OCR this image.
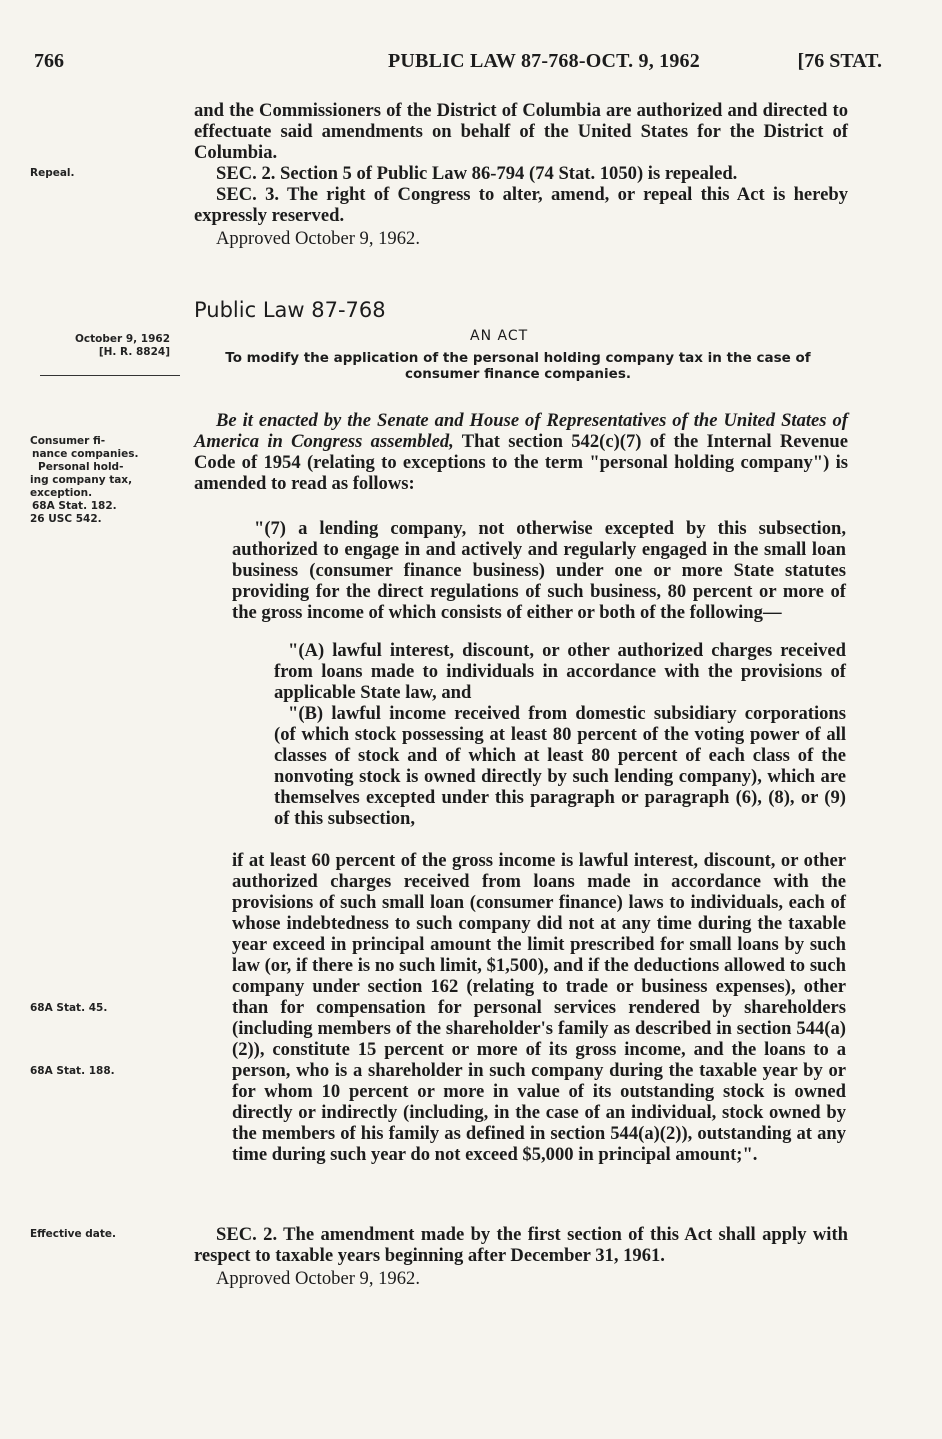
766	PUBLIC LAW 87-768-OCT. 9, 1962	[76 STAT.

and the Commissioners of the District of Columbia are authorized and directed to effectuate said amendments on behalf of the United States for the District of Columbia.

SEC. 2. Section 5 of Public Law 86-794 (74 Stat. 1050) is repealed.

SEC. 3. The right of Congress to alter, amend, or repeal this Act is hereby expressly reserved.

Approved October 9, 1962.

Repeal.
Public Law 87-768
AN ACT
October 9, 1962
[H. R. 8824]	To modify the application of the personal holding company tax in the case of consumer finance companies.

Be it enacted by the Senate and House of Representatives of the United States of America in Congress assembled, That section 542(c)(7) of the Internal Revenue Code of 1954 (relating to exceptions to the term "personal holding company") is amended to read as follows:

Consumer fi-
nance companies.
Personal hold-
ing company tax,
exception.
68A Stat. 182.
26 USC 542.	"(7) a lending company, not otherwise excepted by this subsection, authorized to engage in and actively and regularly engaged in the small loan business (consumer finance business) under one or more State statutes providing for the direct regulations of such business, 80 percent or more of the gross income of which consists of either or both of the following—

"(A) lawful interest, discount, or other authorized charges received from loans made to individuals in accordance with the provisions of applicable State law, and

"(B) lawful income received from domestic subsidiary corporations (of which stock possessing at least 80 percent of the voting power of all classes of stock and of which at least 80 percent of each class of the nonvoting stock is owned directly by such lending company), which are themselves excepted under this paragraph or paragraph (6), (8), or (9) of this subsection,

if at least 60 percent of the gross income is lawful interest, discount, or other authorized charges received from loans made in accordance with the provisions of such small loan (consumer finance) laws to individuals, each of whose indebtedness to such company did not at any time during the taxable year exceed in principal amount the limit prescribed for small loans by such law (or, if there is no such limit, $1,500), and if the deductions allowed to such company under section 162 (relating to trade or business expenses), other than for compensation for personal services rendered by shareholders (including members of the shareholder's family as described in section 544(a)(2)), constitute 15 percent or more of its gross income, and the loans to a person, who is a shareholder in such company during the taxable year by or for whom 10 percent or more in value of its outstanding stock is owned directly or indirectly (including, in the case of an individual, stock owned by the members of his family as defined in section 544(a)(2)), outstanding at any time during such year do not exceed $5,000 in principal amount;".

68A Stat. 45.
68A Stat. 188.

SEC. 2. The amendment made by the first section of this Act shall apply with respect to taxable years beginning after December 31, 1961.

Approved October 9, 1962.

Effective date.
